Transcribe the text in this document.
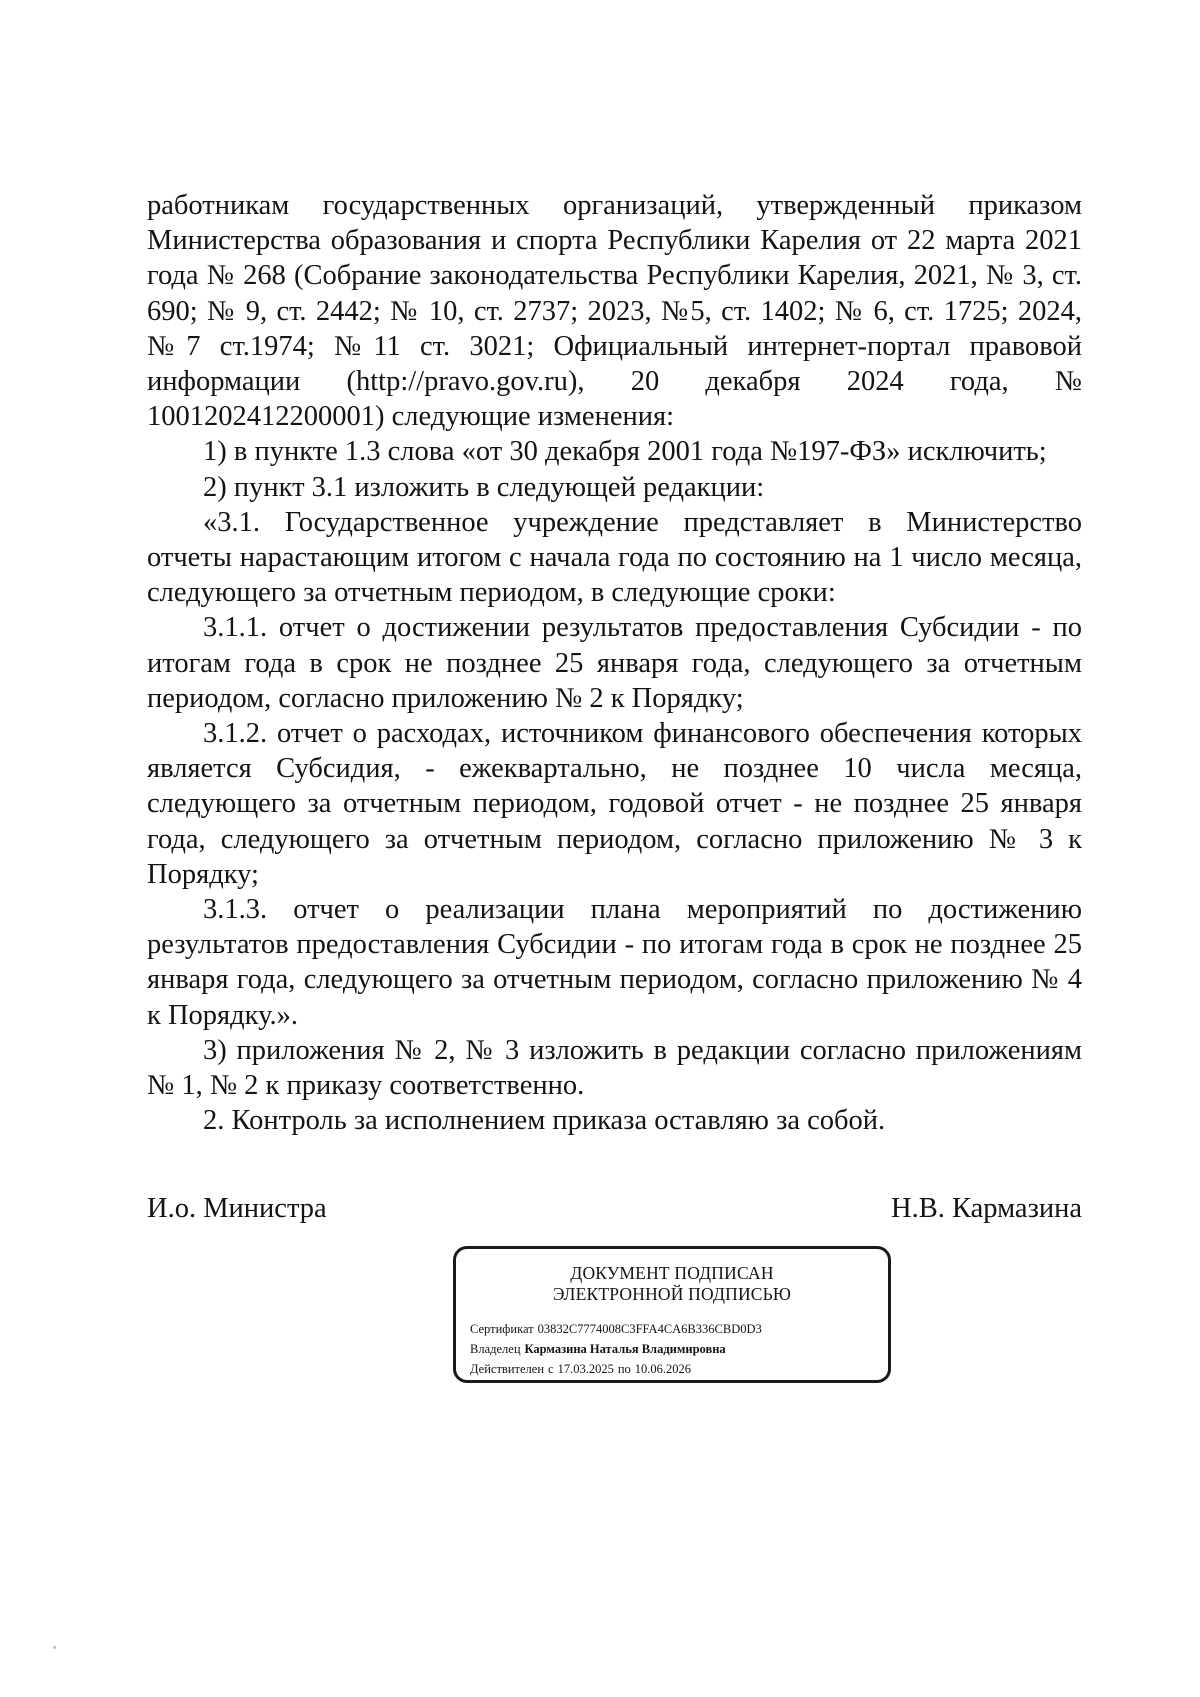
работникам государственных организаций, утвержденный приказом Министерства образования и спорта Республики Карелия от 22 марта 2021 года № 268 (Собрание законодательства Республики Карелия, 2021, № 3, ст. 690; № 9, ст. 2442; № 10, ст. 2737; 2023, №5, ст. 1402; № 6, ст. 1725; 2024, №7 ст.1974; №11 ст. 3021; Официальный интернет-портал правовой информации (http://pravo.gov.ru), 20 декабря 2024 года, № 1001202412200001) следующие изменения:

1) в пункте 1.3 слова «от 30 декабря 2001 года №197-ФЗ» исключить;

2) пункт 3.1 изложить в следующей редакции:

«3.1. Государственное учреждение представляет в Министерство отчеты нарастающим итогом с начала года по состоянию на 1 число месяца, следующего за отчетным периодом, в следующие сроки:

3.1.1. отчет о достижении результатов предоставления Субсидии - по итогам года в срок не позднее 25 января года, следующего за отчетным периодом, согласно приложению № 2 к Порядку;

3.1.2. отчет о расходах, источником финансового обеспечения которых является Субсидия, - ежеквартально, не позднее 10 числа месяца, следующего за отчетным периодом, годовой отчет - не позднее 25 января года, следующего за отчетным периодом, согласно приложению № 3 к Порядку;

3.1.3. отчет о реализации плана мероприятий по достижению результатов предоставления Субсидии - по итогам года в срок не позднее 25 января года, следующего за отчетным периодом, согласно приложению № 4 к Порядку.».

3) приложения № 2, № 3 изложить в редакции согласно приложениям № 1, № 2 к приказу соответственно.

2. Контроль за исполнением приказа оставляю за собой.

И.о. Министра	Н.В. Кармазина
ДОКУМЕНТ ПОДПИСАН
ЭЛЕКТРОННОЙ ПОДПИСЬЮ
Сертификат 03832C7774008C3FFA4CA6B336CBD0D3
Владелец Кармазина Наталья Владимировна
Действителен с 17.03.2025 по 10.06.2026
